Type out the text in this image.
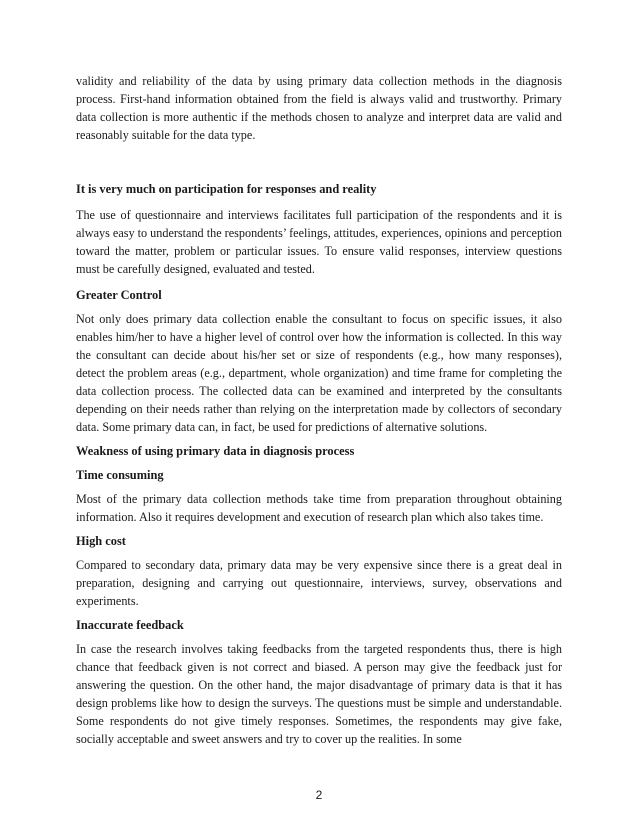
validity and reliability of the data by using primary data collection methods in the diagnosis process. First-hand information obtained from the field is always valid and trustworthy. Primary data collection is more authentic if the methods chosen to analyze and interpret data are valid and reasonably suitable for the data type.

It is very much on participation for responses and reality

The use of questionnaire and interviews facilitates full participation of the respondents and it is always easy to understand the respondents’ feelings, attitudes, experiences, opinions and perception toward the matter, problem or particular issues. To ensure valid responses, interview questions must be carefully designed, evaluated and tested.

Greater Control

Not only does primary data collection enable the consultant to focus on specific issues, it also enables him/her to have a higher level of control over how the information is collected. In this way the consultant can decide about his/her set or size of respondents (e.g., how many responses), detect the problem areas (e.g., department, whole organization) and time frame for completing the data collection process. The collected data can be examined and interpreted by the consultants depending on their needs rather than relying on the interpretation made by collectors of secondary data. Some primary data can, in fact, be used for predictions of alternative solutions.

Weakness of using primary data in diagnosis process

Time consuming

Most of the primary data collection methods take time from preparation throughout obtaining information. Also it requires development and execution of research plan which also takes time.

High cost

Compared to secondary data, primary data may be very expensive since there is a great deal in preparation, designing and carrying out questionnaire, interviews, survey, observations and experiments.

Inaccurate feedback

In case the research involves taking feedbacks from the targeted respondents thus, there is high chance that feedback given is not correct and biased. A person may give the feedback just for answering the question. On the other hand, the major disadvantage of primary data is that it has design problems like how to design the surveys. The questions must be simple and understandable. Some respondents do not give timely responses. Sometimes, the respondents may give fake, socially acceptable and sweet answers and try to cover up the realities. In some

2
